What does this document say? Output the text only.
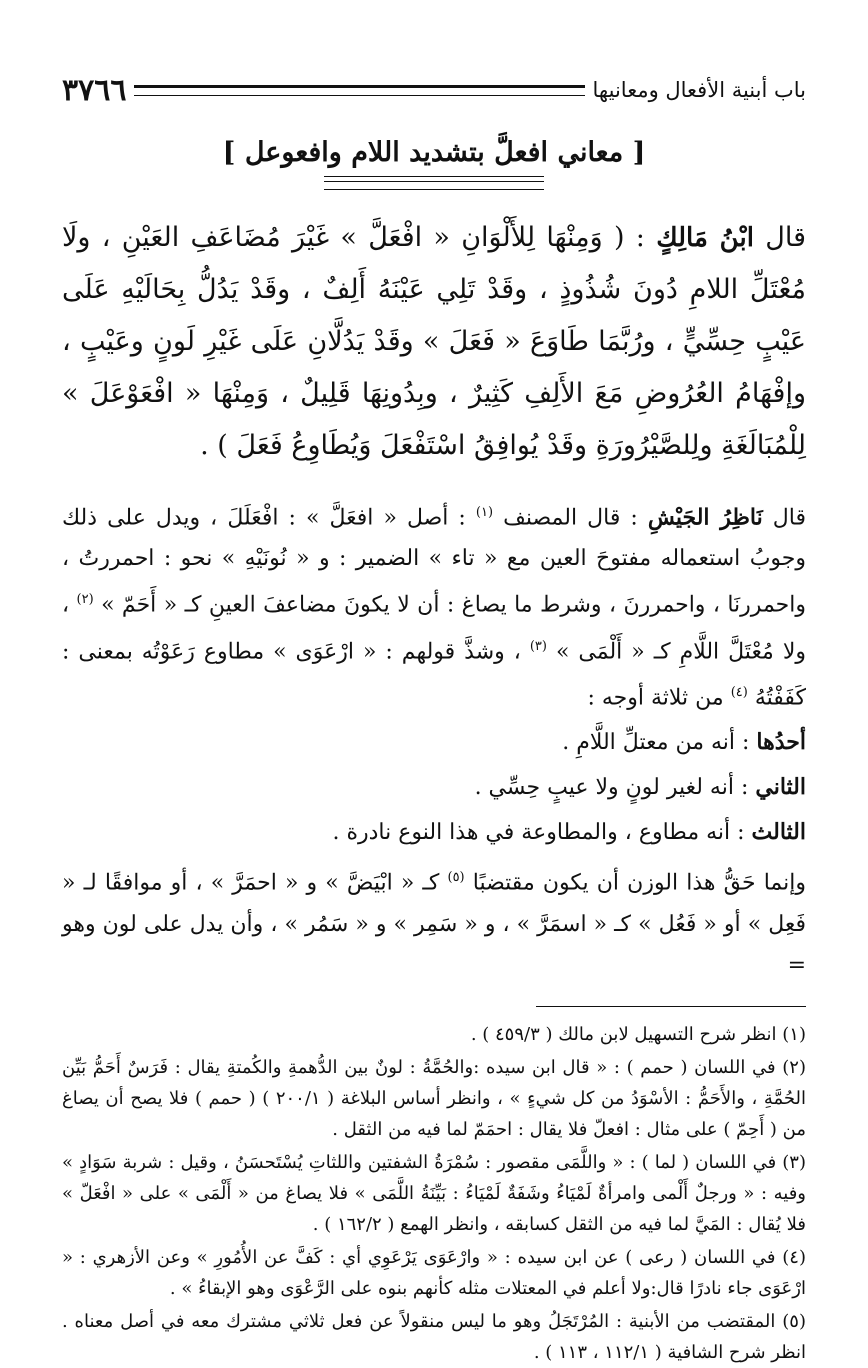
باب أبنية الأفعال ومعانيها
٣٧٦٦
[ معاني افعلَّ بتشديد اللام وافعوعل ]

قال ابْنُ مَالِكٍ : ( وَمِنْهَا لِلأَلْوَانِ « افْعَلَّ » غَيْرَ مُضَاعَفِ العَيْنِ ، ولَا مُعْتَلِّ اللامِ دُونَ شُذُوذٍ ، وقَدْ تَلِي عَيْنَهُ أَلِفٌ ، وقَدْ يَدُلُّ بِحَالَيْهِ عَلَى عَيْبٍ حِسِّيٍّ ، ورُبَّمَا طَاوَعَ « فَعَلَ » وقَدْ يَدُلَّانِ عَلَى غَيْرِ لَونٍ وعَيْبٍ ، وإفْهَامُ العُرُوضِ مَعَ الأَلِفِ كَثِيرٌ ، وبِدُونِهَا قَلِيلٌ ، وَمِنْهَا « افْعَوْعَلَ » لِلْمُبَالَغَةِ ولِلصَّيْرُورَةِ وقَدْ يُوافِقُ اسْتَفْعَلَ وَيُطَاوِعُ فَعَلَ ) .

قال نَاظِرُ الجَيْشِ : قال المصنف $^{(١)}$ : أصل « افعَلَّ » : افْعَلَلَ ، ويدل على ذلك وجوبُ استعماله مفتوحَ العين مع « تاء » الضمير : و « نُونَيْهِ » نحو : احمررتُ ، واحمررنَا ، واحمررنَ ، وشرط ما يصاغ : أن لا يكونَ مضاعفَ العينِ كـ « أَحَمّ » $^{(٢)}$ ، ولا مُعْتَلَّ اللَّامِ كـ « أَلْمَى » $^{(٣)}$ ، وشذَّ قولهم : « ارْعَوَى » مطاوع رَعَوْتُه بمعنى : كَفَفْتُهُ $^{(٤)}$ من ثلاثة أوجه :

أحدُها : أنه من معتلِّ اللَّامِ .

الثاني : أنه لغير لونٍ ولا عيبٍ حِسِّي .

الثالث : أنه مطاوع ، والمطاوعة في هذا النوع نادرة .

وإنما حَقُّ هذا الوزن أن يكون مقتضبًا $^{(٥)}$ كـ « ابْيَضَّ » و « احمَرَّ » ، أو موافقًا لـ « فَعِل » أو « فَعُل » كـ « اسمَرَّ » ، و « سَمِر » و « سَمُر » ، وأن يدل على لون وهو =

(١) انظر شرح التسهيل لابن مالك ( ٤٥٩/٣ ) .

(٢) في اللسان ( حمم ) : « قال ابن سيده :والحُمَّةُ : لونٌ بين الدُّهمةِ والكُمتةِ يقال : فَرَسٌ أَحَمُّ بَيِّن الحُمَّةِ ، والأَحَمُّ : الأسْوَدُ من كل شيءٍ » ، وانظر أساس البلاغة ( ٢٠٠/١ ) ( حمم ) فلا يصح أن يصاغ من ( أَحِمّ ) على مثال : افعلّ فلا يقال : احمَمّ لما فيه من الثقل .

(٣) في اللسان ( لما ) : « واللَّمَى مقصور : سُمْرَةُ الشفتين واللثاتِ يُسْتَحسَنُ ، وقيل : شربة سَوَادٍ » وفيه : « ورجلٌ أَلْمى وامرأةٌ لَمْيَاءُ وشَفَةٌ لَمْيَاءُ : بَيِّنَةُ اللَّمَى » فلا يصاغ من « أَلْمَى » على « افْعَلّ » فلا يُقال : المَيَّ لما فيه من الثقل كسابقه ، وانظر الهمع ( ١٦٢/٢ ) .

(٤) في اللسان ( رعى ) عن ابن سيده : « وارْعَوَى يَرْعَوِي أي : كَفَّ عن الأُمُورِ » وعن الأزهري : « ارْعَوَى جاء نادرًا قال:ولا أعلم في المعتلات مثله كأنهم بنوه على الرَّعْوَى وهو الإبقاءُ » .

(٥) المقتضب من الأبنية : المُرْتَجَلُ وهو ما ليس منقولاً عن فعل ثلاثي مشترك معه في أصل معناه . انظر شرح الشافية ( ١١٢/١ ، ١١٣ ) .
